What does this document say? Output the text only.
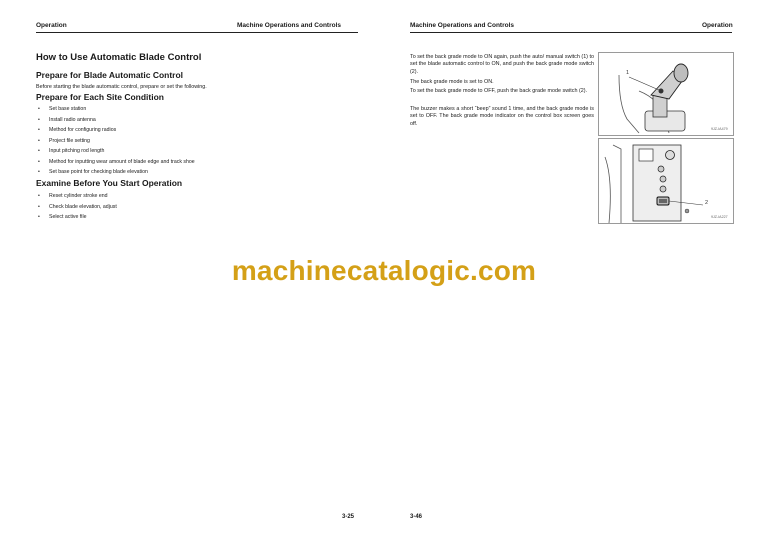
Operation	Machine Operations and Controls
How to Use Automatic Blade Control
Prepare for Blade Automatic Control
Before starting the blade automatic control, prepare or set the following.
Prepare for Each Site Condition
• Set base station
• Install radio antenna
• Method for configuring radios
• Project file setting
• Input pitching rod length
• Method for inputting wear amount of blade edge and track shoe
• Set base point for checking blade elevation
Examine Before You Start Operation
• Reset cylinder stroke end
• Check blade elevation, adjust
• Select active file
3-25
Machine Operations and Controls	Operation
To set the back grade mode to ON again, push the auto/ manual switch (1) to set the blade automatic control to ON, and push the back grade mode switch (2).
The back grade mode is set to ON.
To set the back grade mode to OFF, push the back grade mode switch (2).
The buzzer makes a short “beep” sound 1 time, and the back grade mode is set to OFF. The back grade mode indicator on the control box screen goes off.
1
9JZ-IA479
2
9JZ-IA227
3-46
machinecatalogic.com
